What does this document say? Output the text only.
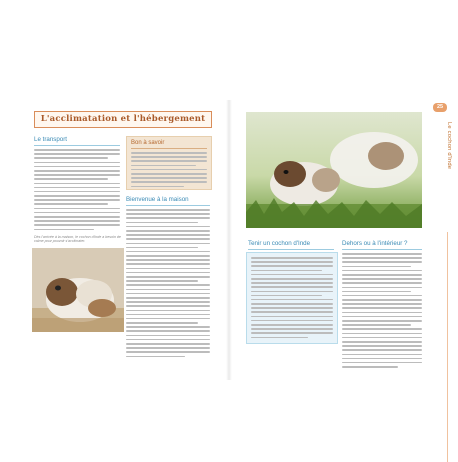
L'acclimatation et l'hébergement
Le transport
Dès l'arrivée à la maison, le cochon d'Inde a besoin de calme pour pouvoir s'acclimater.
Bon à savoir
Bienvenue à la maison
Tenir un cochon d'Inde	Dehors ou à l'intérieur ?
25
Le cochon d'Inde
